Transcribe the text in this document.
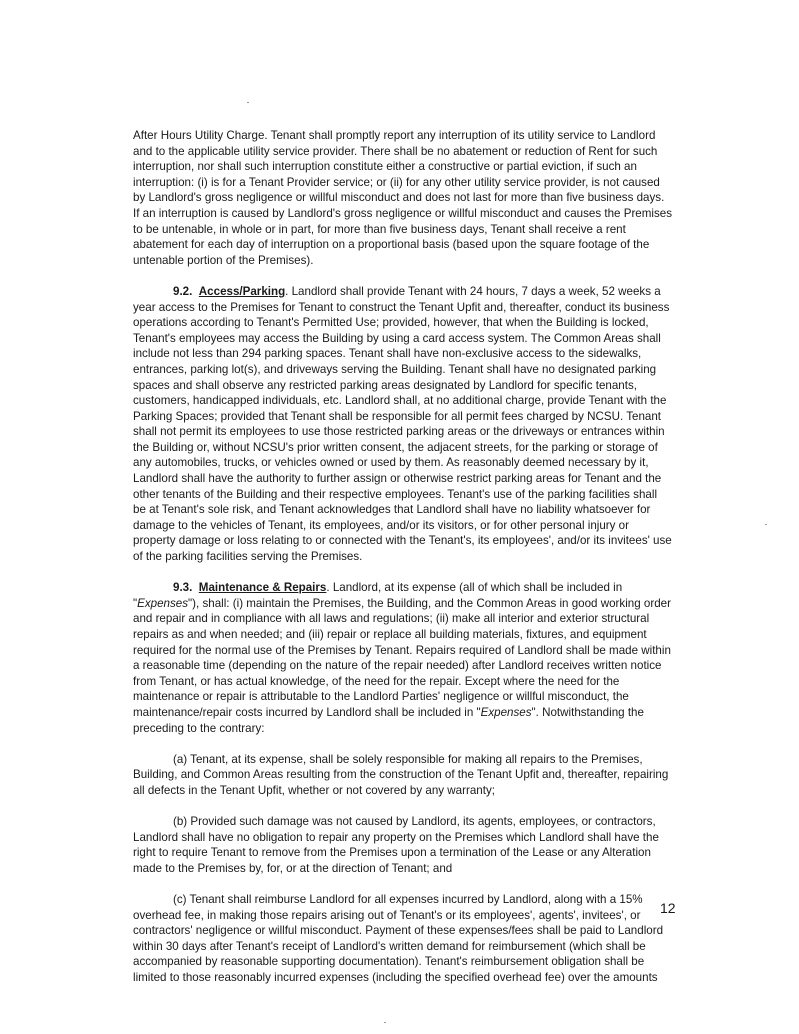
After Hours Utility Charge. Tenant shall promptly report any interruption of its utility service to Landlord and to the applicable utility service provider. There shall be no abatement or reduction of Rent for such interruption, nor shall such interruption constitute either a constructive or partial eviction, if such an interruption: (i) is for a Tenant Provider service; or (ii) for any other utility service provider, is not caused by Landlord's gross negligence or willful misconduct and does not last for more than five business days. If an interruption is caused by Landlord's gross negligence or willful misconduct and causes the Premises to be untenable, in whole or in part, for more than five business days, Tenant shall receive a rent abatement for each day of interruption on a proportional basis (based upon the square footage of the untenable portion of the Premises).

9.2. Access/Parking. Landlord shall provide Tenant with 24 hours, 7 days a week, 52 weeks a year access to the Premises for Tenant to construct the Tenant Upfit and, thereafter, conduct its business operations according to Tenant's Permitted Use; provided, however, that when the Building is locked, Tenant's employees may access the Building by using a card access system. The Common Areas shall include not less than 294 parking spaces. Tenant shall have non-exclusive access to the sidewalks, entrances, parking lot(s), and driveways serving the Building. Tenant shall have no designated parking spaces and shall observe any restricted parking areas designated by Landlord for specific tenants, customers, handicapped individuals, etc. Landlord shall, at no additional charge, provide Tenant with the Parking Spaces; provided that Tenant shall be responsible for all permit fees charged by NCSU. Tenant shall not permit its employees to use those restricted parking areas or the driveways or entrances within the Building or, without NCSU's prior written consent, the adjacent streets, for the parking or storage of any automobiles, trucks, or vehicles owned or used by them. As reasonably deemed necessary by it, Landlord shall have the authority to further assign or otherwise restrict parking areas for Tenant and the other tenants of the Building and their respective employees. Tenant's use of the parking facilities shall be at Tenant's sole risk, and Tenant acknowledges that Landlord shall have no liability whatsoever for damage to the vehicles of Tenant, its employees, and/or its visitors, or for other personal injury or property damage or loss relating to or connected with the Tenant's, its employees', and/or its invitees' use of the parking facilities serving the Premises.

9.3. Maintenance & Repairs. Landlord, at its expense (all of which shall be included in "Expenses"), shall: (i) maintain the Premises, the Building, and the Common Areas in good working order and repair and in compliance with all laws and regulations; (ii) make all interior and exterior structural repairs as and when needed; and (iii) repair or replace all building materials, fixtures, and equipment required for the normal use of the Premises by Tenant. Repairs required of Landlord shall be made within a reasonable time (depending on the nature of the repair needed) after Landlord receives written notice from Tenant, or has actual knowledge, of the need for the repair. Except where the need for the maintenance or repair is attributable to the Landlord Parties' negligence or willful misconduct, the maintenance/repair costs incurred by Landlord shall be included in "Expenses". Notwithstanding the preceding to the contrary:

(a) Tenant, at its expense, shall be solely responsible for making all repairs to the Premises, Building, and Common Areas resulting from the construction of the Tenant Upfit and, thereafter, repairing all defects in the Tenant Upfit, whether or not covered by any warranty;

(b) Provided such damage was not caused by Landlord, its agents, employees, or contractors, Landlord shall have no obligation to repair any property on the Premises which Landlord shall have the right to require Tenant to remove from the Premises upon a termination of the Lease or any Alteration made to the Premises by, for, or at the direction of Tenant; and

(c) Tenant shall reimburse Landlord for all expenses incurred by Landlord, along with a 15% overhead fee, in making those repairs arising out of Tenant's or its employees', agents', invitees', or contractors' negligence or willful misconduct. Payment of these expenses/fees shall be paid to Landlord within 30 days after Tenant's receipt of Landlord's written demand for reimbursement (which shall be accompanied by reasonable supporting documentation). Tenant's reimbursement obligation shall be limited to those reasonably incurred expenses (including the specified overhead fee) over the amounts

12
